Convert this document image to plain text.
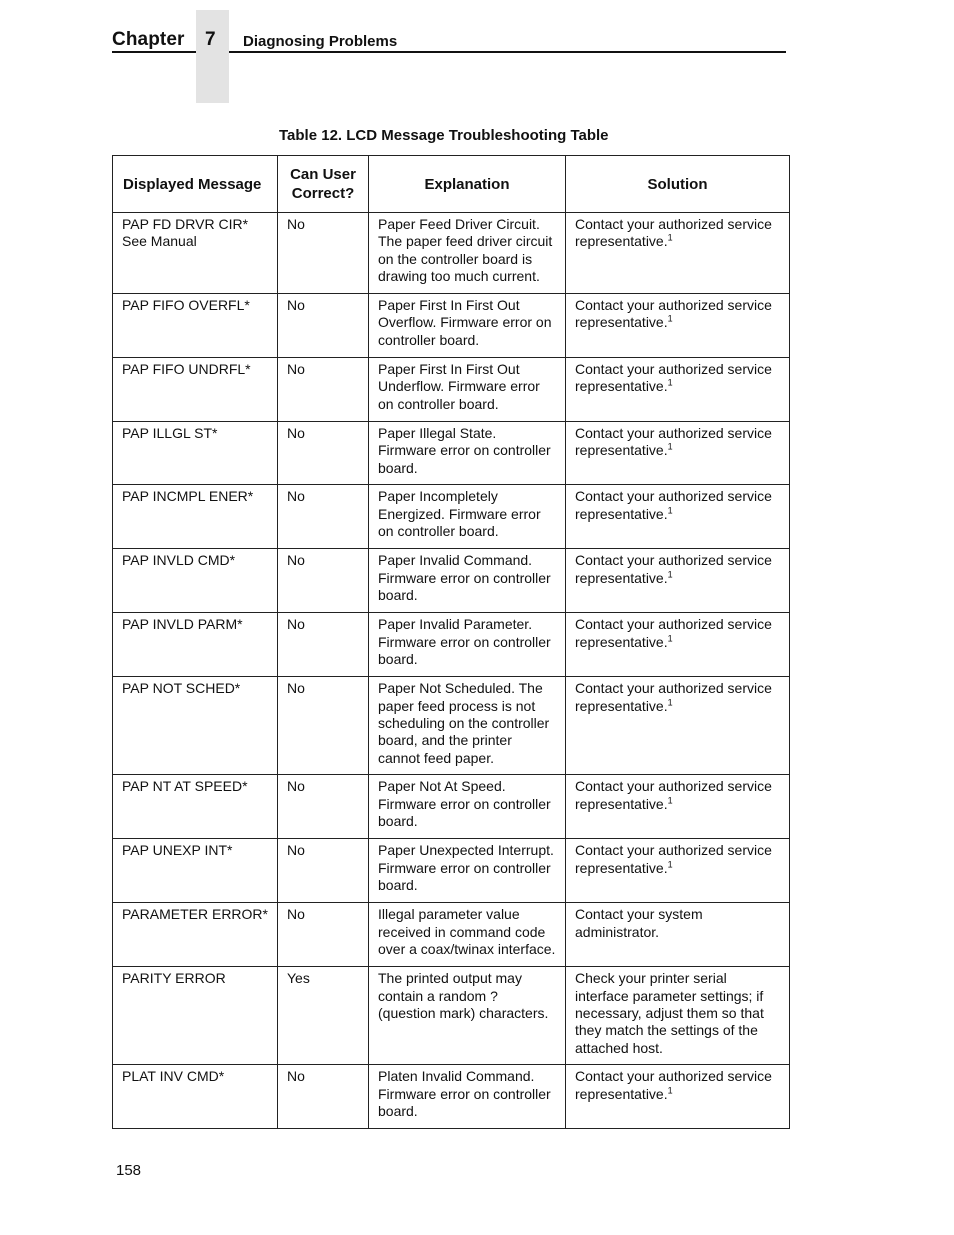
Chapter 7 Diagnosing Problems
Table 12. LCD Message Troubleshooting Table
Displayed Message	Can User Correct?	Explanation	Solution
PAP FD DRVR CIR* See Manual	No	Paper Feed Driver Circuit. The paper feed driver circuit on the controller board is drawing too much current.	Contact your authorized service representative.$^1$
PAP FIFO OVERFL*	No	Paper First In First Out Overflow. Firmware error on controller board.	Contact your authorized service representative.$^1$
PAP FIFO UNDRFL*	No	Paper First In First Out Underflow. Firmware error on controller board.	Contact your authorized service representative.$^1$
PAP ILLGL ST*	No	Paper Illegal State. Firmware error on controller board.	Contact your authorized service representative.$^1$
PAP INCMPL ENER*	No	Paper Incompletely Energized. Firmware error on controller board.	Contact your authorized service representative.$^1$
PAP INVLD CMD*	No	Paper Invalid Command. Firmware error on controller board.	Contact your authorized service representative.$^1$
PAP INVLD PARM*	No	Paper Invalid Parameter. Firmware error on controller board.	Contact your authorized service representative.$^1$
PAP NOT SCHED*	No	Paper Not Scheduled. The paper feed process is not scheduling on the controller board, and the printer cannot feed paper.	Contact your authorized service representative.$^1$
PAP NT AT SPEED*	No	Paper Not At Speed. Firmware error on controller board.	Contact your authorized service representative.$^1$
PAP UNEXP INT*	No	Paper Unexpected Interrupt. Firmware error on controller board.	Contact your authorized service representative.$^1$
PARAMETER ERROR*	No	Illegal parameter value received in command code over a coax/twinax interface.	Contact your system administrator.
PARITY ERROR	Yes	The printed output may contain a random ? (question mark) characters.	Check your printer serial interface parameter settings; if necessary, adjust them so that they match the settings of the attached host.
PLAT INV CMD*	No	Platen Invalid Command. Firmware error on controller board.	Contact your authorized service representative.$^1$
158
